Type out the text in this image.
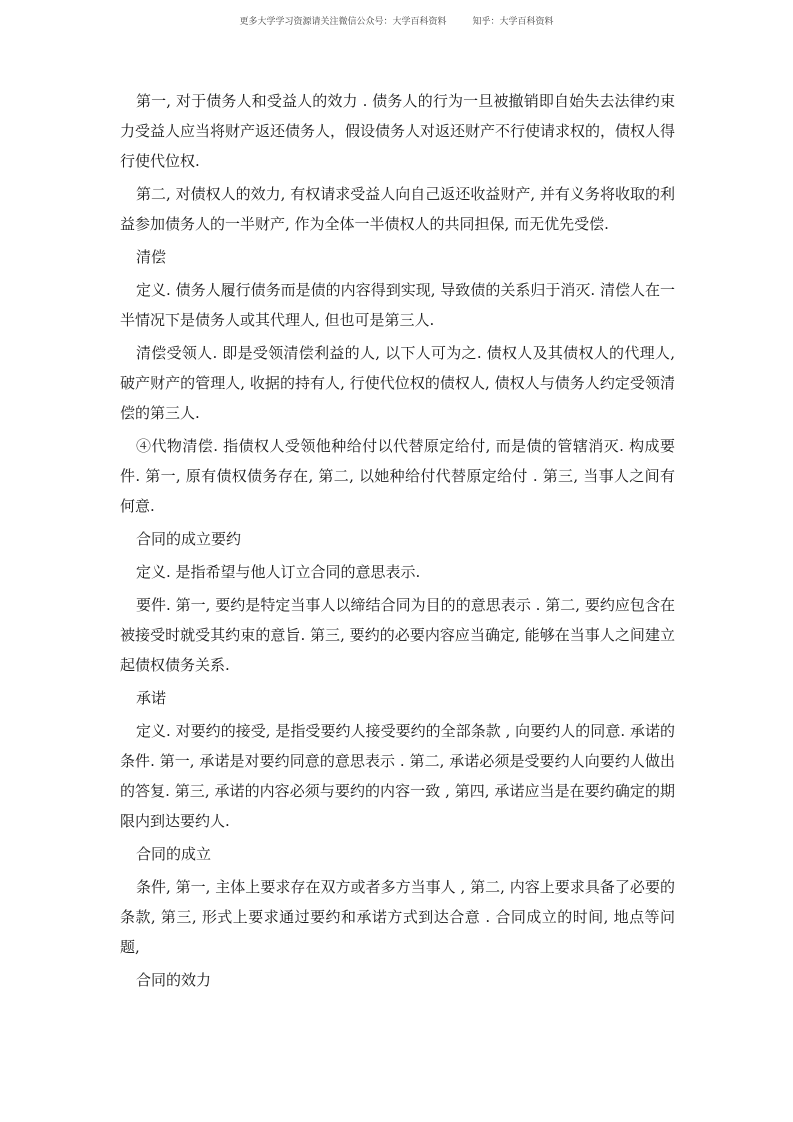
更多大学学习资源请关注微信公众号：大学百科资料	知乎：大学百科资料

第一, 对于债务人和受益人的效力 . 债务人的行为一旦被撤销即自始失去法律约束力受益人应当将财产返还债务人，假设债务人对返还财产不行使请求权的，债权人得行使代位权.

第二, 对债权人的效力, 有权请求受益人向自己返还收益财产, 并有义务将收取的利益参加债务人的一半财产, 作为全体一半债权人的共同担保, 而无优先受偿.

清偿

定义. 债务人履行债务而是债的内容得到实现, 导致债的关系归于消灭. 清偿人在一半情况下是债务人或其代理人, 但也可是第三人.

清偿受领人. 即是受领清偿利益的人, 以下人可为之. 债权人及其债权人的代理人, 破产财产的管理人, 收据的持有人, 行使代位权的债权人, 债权人与债务人约定受领清偿的第三人.

④代物清偿. 指债权人受领他种给付以代替原定给付, 而是债的管辖消灭. 构成要件. 第一, 原有债权债务存在, 第二, 以她种给付代替原定给付 . 第三, 当事人之间有何意.

合同的成立要约

定义. 是指希望与他人订立合同的意思表示.

要件. 第一, 要约是特定当事人以缔结合同为目的的意思表示 . 第二, 要约应包含在被接受时就受其约束的意旨. 第三, 要约的必要内容应当确定, 能够在当事人之间建立起债权债务关系.

承诺

定义. 对要约的接受, 是指受要约人接受要约的全部条款 , 向要约人的同意. 承诺的条件. 第一, 承诺是对要约同意的意思表示 . 第二, 承诺必须是受要约人向要约人做出的答复. 第三, 承诺的内容必须与要约的内容一致 , 第四, 承诺应当是在要约确定的期限内到达要约人.

合同的成立

条件, 第一, 主体上要求存在双方或者多方当事人 , 第二, 内容上要求具备了必要的条款, 第三, 形式上要求通过要约和承诺方式到达合意 . 合同成立的时间, 地点等问题,

合同的效力
